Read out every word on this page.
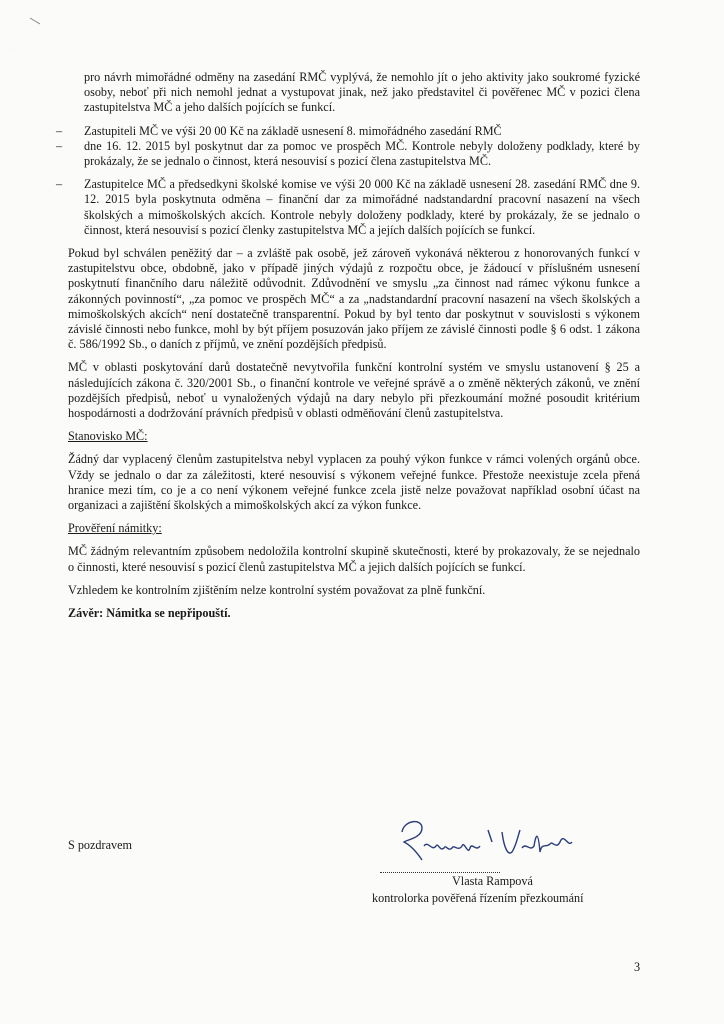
pro návrh mimořádné odměny na zasedání RMČ vyplývá, že nemohlo jít o jeho aktivity jako soukromé fyzické osoby, neboť při nich nemohl jednat a vystupovat jinak, než jako představitel či pověřenec MČ v pozici člena zastupitelstva MČ a jeho dalších pojících se funkcí.

– Zastupiteli MČ ve výši 20 00 Kč na základě usnesení 8. mimořádného zasedání RMČ

– dne 16. 12. 2015 byl poskytnut dar za pomoc ve prospěch MČ. Kontrole nebyly doloženy podklady, které by prokázaly, že se jednalo o činnost, která nesouvisí s pozicí člena zastupitelstva MČ.

– Zastupitelce MČ a předsedkyni školské komise ve výši 20 000 Kč na základě usnesení 28. zasedání RMČ dne 9. 12. 2015 byla poskytnuta odměna – finanční dar za mimořádné nadstandardní pracovní nasazení na všech školských a mimoškolských akcích. Kontrole nebyly doloženy podklady, které by prokázaly, že se jednalo o činnost, která nesouvisí s pozicí členky zastupitelstva MČ a jejích dalších pojících se funkcí.

Pokud byl schválen peněžitý dar – a zvláště pak osobě, jež zároveň vykonává některou z honorovaných funkcí v zastupitelstvu obce, obdobně, jako v případě jiných výdajů z rozpočtu obce, je žádoucí v příslušném usnesení poskytnutí finančního daru náležitě odůvodnit. Zdůvodnění ve smyslu „za činnost nad rámec výkonu funkce a zákonných povinností“, „za pomoc ve prospěch MČ“ a za „nadstandardní pracovní nasazení na všech školských a mimoškolských akcích“ není dostatečně transparentní. Pokud by byl tento dar poskytnut v souvislosti s výkonem závislé činnosti nebo funkce, mohl by být příjem posuzován jako příjem ze závislé činnosti podle § 6 odst. 1 zákona č. 586/1992 Sb., o daních z příjmů, ve znění pozdějších předpisů.

MČ v oblasti poskytování darů dostatečně nevytvořila funkční kontrolní systém ve smyslu ustanovení § 25 a následujících zákona č. 320/2001 Sb., o finanční kontrole ve veřejné správě a o změně některých zákonů, ve znění pozdějších předpisů, neboť u vynaložených výdajů na dary nebylo při přezkoumání možné posoudit kritérium hospodárnosti a dodržování právních předpisů v oblasti odměňování členů zastupitelstva.

Stanovisko MČ:

Žádný dar vyplacený členům zastupitelstva nebyl vyplacen za pouhý výkon funkce v rámci volených orgánů obce. Vždy se jednalo o dar za záležitosti, které nesouvisí s výkonem veřejné funkce. Přestože neexistuje zcela přená hranice mezi tím, co je a co není výkonem veřejné funkce zcela jistě nelze považovat například osobní účast na organizaci a zajištění školských a mimoškolských akcí za výkon funkce.

Prověření námitky:

MČ žádným relevantním způsobem nedoložila kontrolní skupině skutečnosti, které by prokazovaly, že se nejednalo o činnosti, které nesouvisí s pozicí členů zastupitelstva MČ a jejich dalších pojících se funkcí.

Vzhledem ke kontrolním zjištěním nelze kontrolní systém považovat za plně funkční.

Závěr: Námitka se nepřipouští.

S pozdravem
Vlasta Rampová
kontrolorka pověřená řízením přezkoumání
3
